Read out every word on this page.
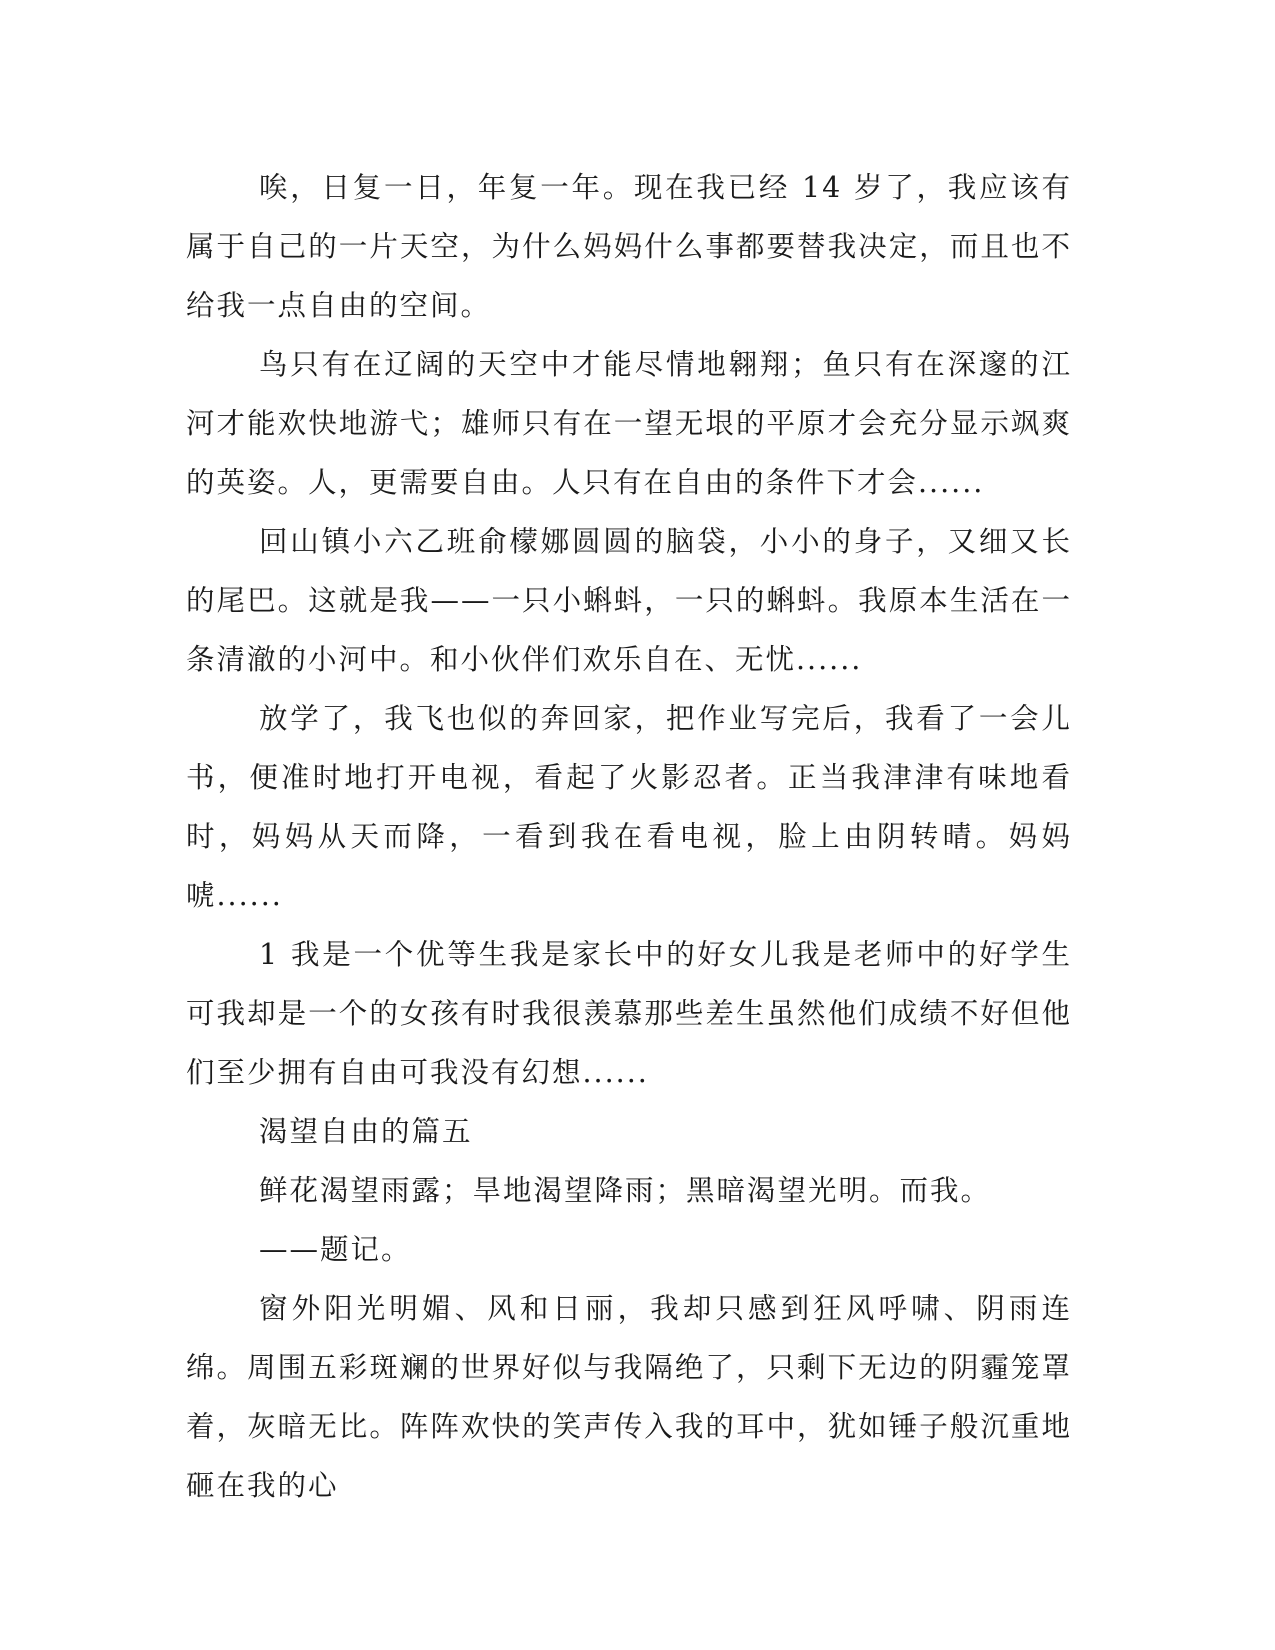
唉，日复一日，年复一年。现在我已经 14 岁了，我应该有属于自己的一片天空，为什么妈妈什么事都要替我决定，而且也不给我一点自由的空间。

鸟只有在辽阔的天空中才能尽情地翱翔；鱼只有在深邃的江河才能欢快地游弋；雄师只有在一望无垠的平原才会充分显示飒爽的英姿。人，更需要自由。人只有在自由的条件下才会......

回山镇小六乙班俞檬娜圆圆的脑袋，小小的身子，又细又长的尾巴。这就是我——一只小蝌蚪，一只的蝌蚪。我原本生活在一条清澈的小河中。和小伙伴们欢乐自在、无忧......

放学了，我飞也似的奔回家，把作业写完后，我看了一会儿书，便准时地打开电视，看起了火影忍者。正当我津津有味地看时，妈妈从天而降，一看到我在看电视，脸上由阴转晴。妈妈唬......

1 我是一个优等生我是家长中的好女儿我是老师中的好学生可我却是一个的女孩有时我很羡慕那些差生虽然他们成绩不好但他们至少拥有自由可我没有幻想......

渴望自由的篇五

鲜花渴望雨露；旱地渴望降雨；黑暗渴望光明。而我。

——题记。

窗外阳光明媚、风和日丽，我却只感到狂风呼啸、阴雨连绵。周围五彩斑斓的世界好似与我隔绝了，只剩下无边的阴霾笼罩着，灰暗无比。阵阵欢快的笑声传入我的耳中，犹如锤子般沉重地砸在我的心
